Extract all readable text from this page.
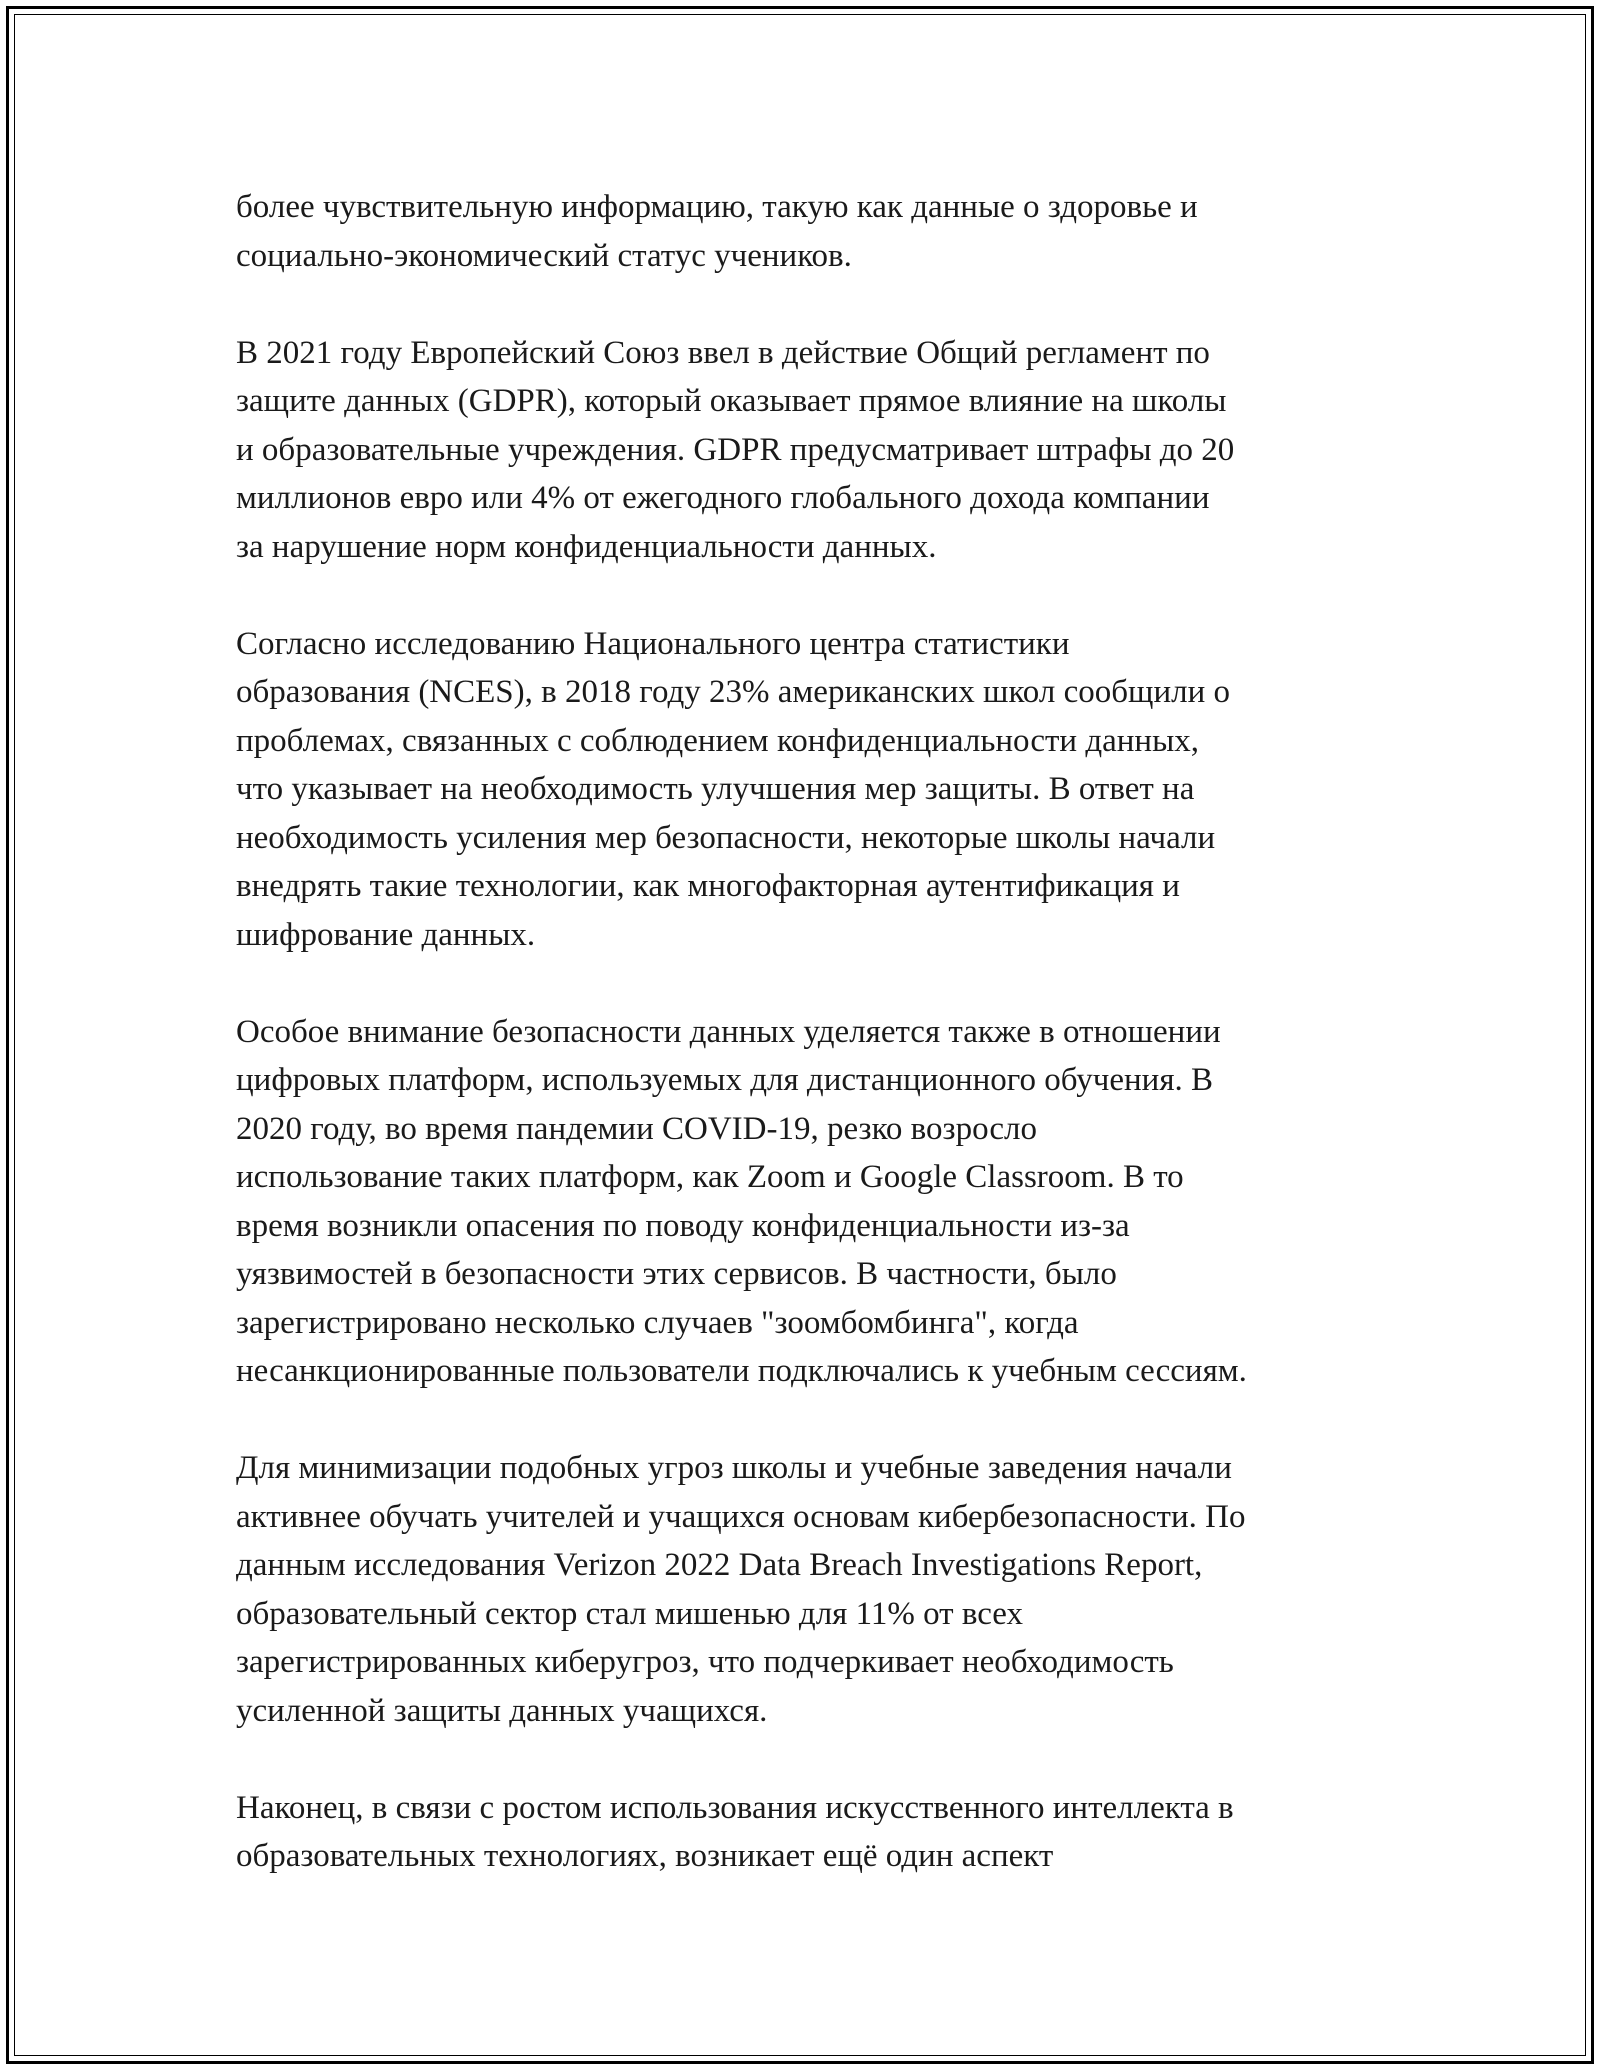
более чувствительную информацию, такую как данные о здоровье и
социально-экономический статус учеников.

В 2021 году Европейский Союз ввел в действие Общий регламент по
защите данных (GDPR), который оказывает прямое влияние на школы
и образовательные учреждения. GDPR предусматривает штрафы до 20
миллионов евро или 4% от ежегодного глобального дохода компании
за нарушение норм конфиденциальности данных.

Согласно исследованию Национального центра статистики
образования (NCES), в 2018 году 23% американских школ сообщили о
проблемах, связанных с соблюдением конфиденциальности данных,
что указывает на необходимость улучшения мер защиты. В ответ на
необходимость усиления мер безопасности, некоторые школы начали
внедрять такие технологии, как многофакторная аутентификация и
шифрование данных.

Особое внимание безопасности данных уделяется также в отношении
цифровых платформ, используемых для дистанционного обучения. В
2020 году, во время пандемии COVID-19, резко возросло
использование таких платформ, как Zoom и Google Classroom. В то
время возникли опасения по поводу конфиденциальности из-за
уязвимостей в безопасности этих сервисов. В частности, было
зарегистрировано несколько случаев "зоомбомбинга", когда
несанкционированные пользователи подключались к учебным сессиям.

Для минимизации подобных угроз школы и учебные заведения начали
активнее обучать учителей и учащихся основам кибербезопасности. По
данным исследования Verizon 2022 Data Breach Investigations Report,
образовательный сектор стал мишенью для 11% от всех
зарегистрированных киберугроз, что подчеркивает необходимость
усиленной защиты данных учащихся.

Наконец, в связи с ростом использования искусственного интеллекта в
образовательных технологиях, возникает ещё один аспект
